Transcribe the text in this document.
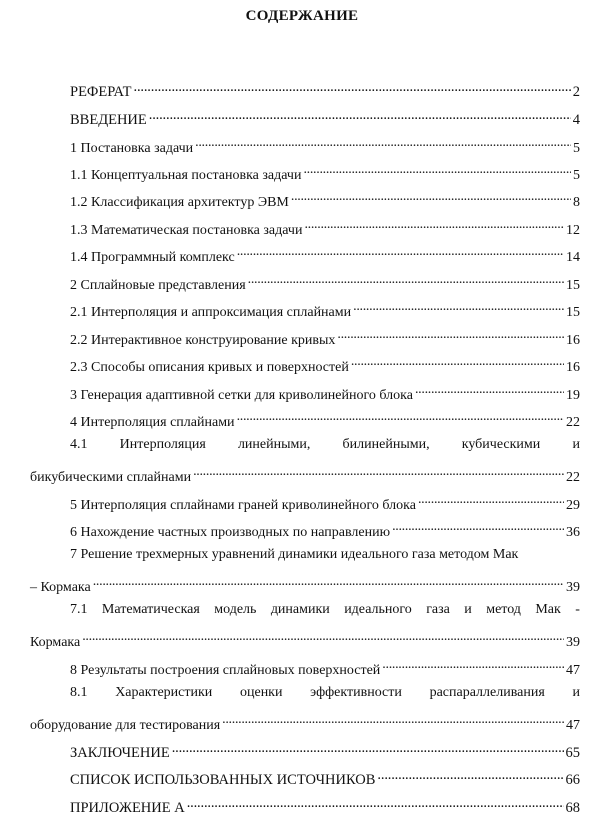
СОДЕРЖАНИЕ
РЕФЕРАТ . . .	2
ВВЕДЕНИЕ . . .	4
1 Постановка задачи . . .	5
1.1 Концептуальная постановка задачи . . .	5
1.2 Классификация архитектур ЭВМ . . .	8
1.3 Математическая постановка задачи . . .	12
1.4 Программный комплекс . . .	14
2 Сплайновые представления . . .	15
2.1 Интерполяция и аппроксимация сплайнами . . .	15
2.2 Интерактивное конструирование кривых . . .	16
2.3 Способы описания кривых и поверхностей . . .	16
3 Генерация адаптивной сетки для криволинейного блока . . .	19
4 Интерполяция сплайнами . . .	22
4.1 Интерполяция линейными, билинейными, кубическими и
бикубическими сплайнами . . .	22
5 Интерполяция сплайнами граней криволинейного блока . . .	29
6 Нахождение частных производных по направлению . . .	36
7 Решение трехмерных уравнений динамики идеального газа методом Мак
– Кормака . . .	39
7.1 Математическая модель динамики идеального газа и метод Мак -
Кормака . . .	39
8 Результаты построения сплайновых поверхностей . . .	47
8.1 Характеристики оценки эффективности распараллеливания и
оборудование для тестирования . . .	47
ЗАКЛЮЧЕНИЕ . . .	65
СПИСОК ИСПОЛЬЗОВАННЫХ ИСТОЧНИКОВ . . .	66
ПРИЛОЖЕНИЕ А . . .	68
